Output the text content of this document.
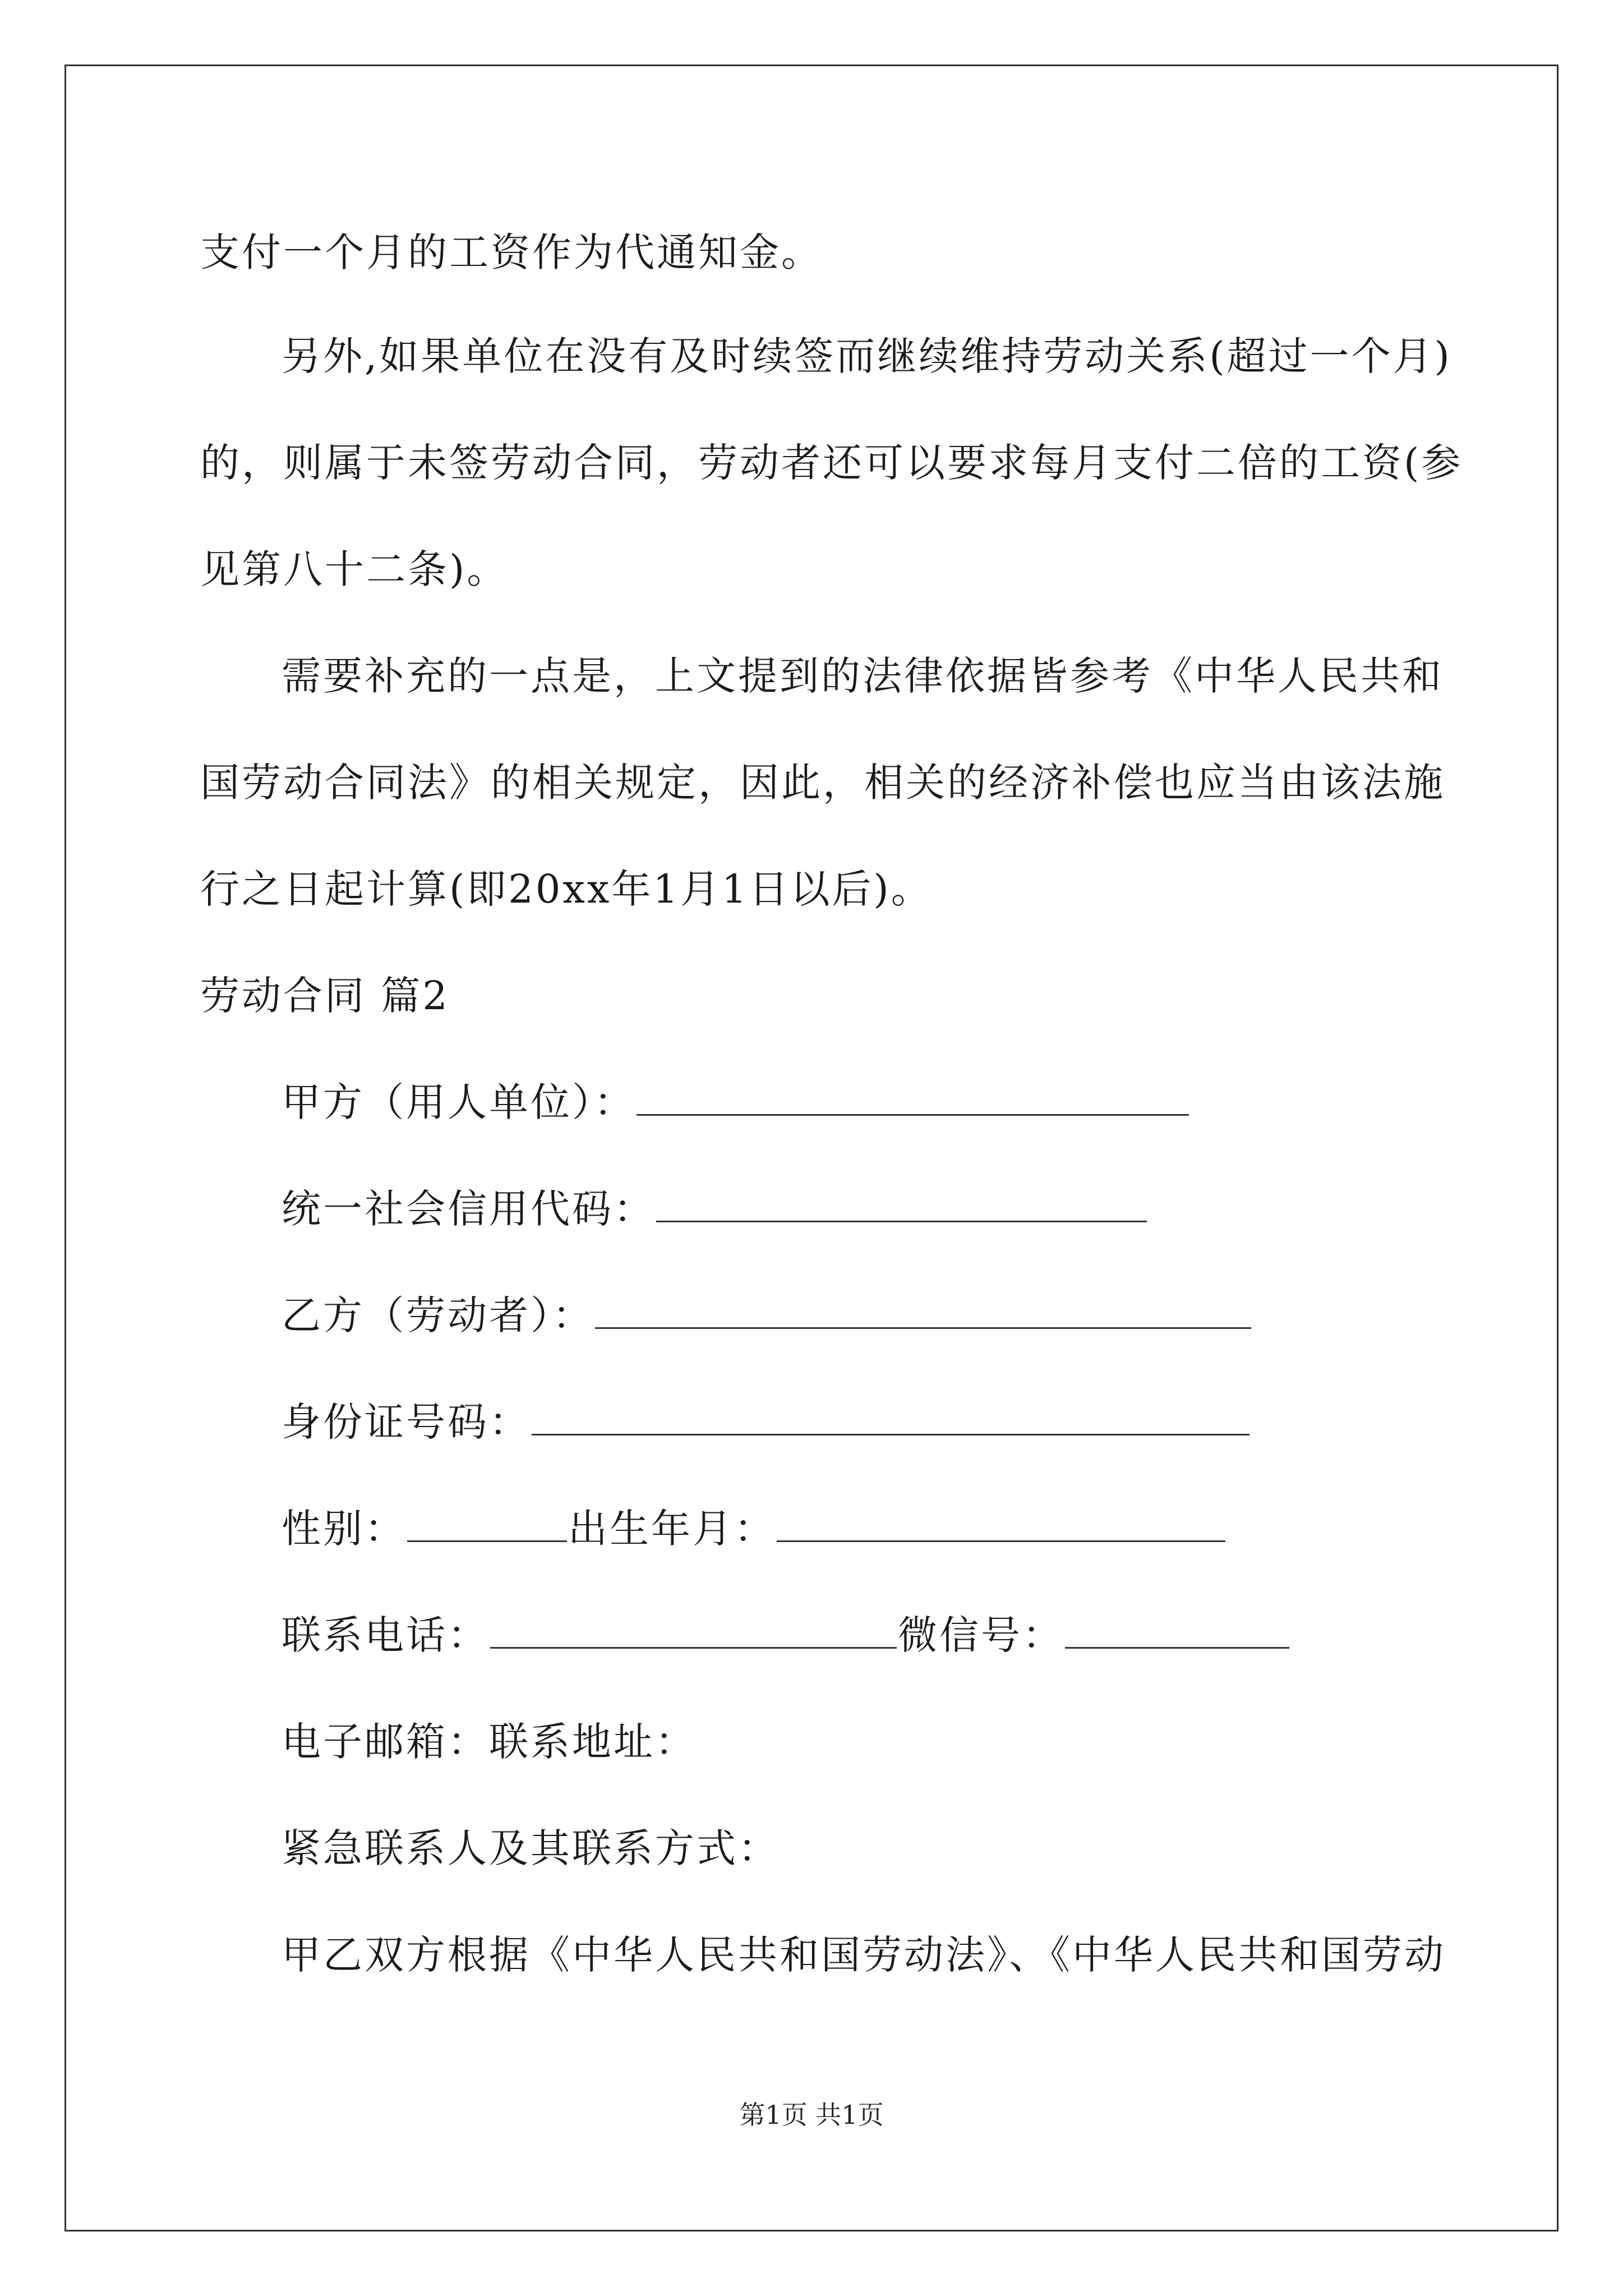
支付一个月的工资作为代通知金。
另外,如果单位在没有及时续签而继续维持劳动关系(超过一个月)
的，则属于未签劳动合同，劳动者还可以要求每月支付二倍的工资(参
见第八十二条)。
需要补充的一点是，上文提到的法律依据皆参考《中华人民共和
国劳动合同法》的相关规定，因此，相关的经济补偿也应当由该法施
行之日起计算(即20xx年1月1日以后)。
劳动合同 篇2
甲方（用人单位）：
统一社会信用代码：
乙方（劳动者）：
身份证号码：
性别：	出生年月：
联系电话：	微信号：
电子邮箱：联系地址：
紧急联系人及其联系方式：
甲乙双方根据《中华人民共和国劳动法》、《中华人民共和国劳动
第1页 共1页
